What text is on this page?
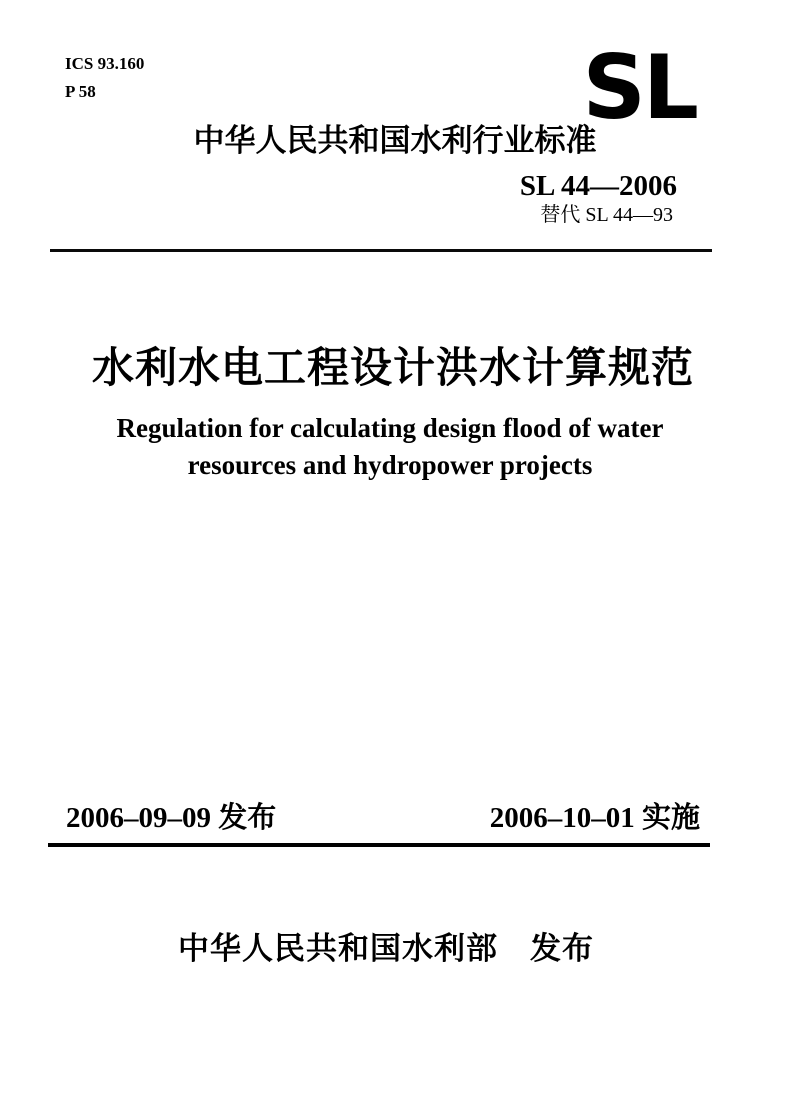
ICS 93.160
P 58	SL
中华人民共和国水利行业标准
SL 44—2006
替代 SL 44—93
水利水电工程设计洪水计算规范
Regulation for calculating design flood of water
resources and hydropower projects
2006–09–09 发布	2006–10–01 实施
中华人民共和国水利部　发布
